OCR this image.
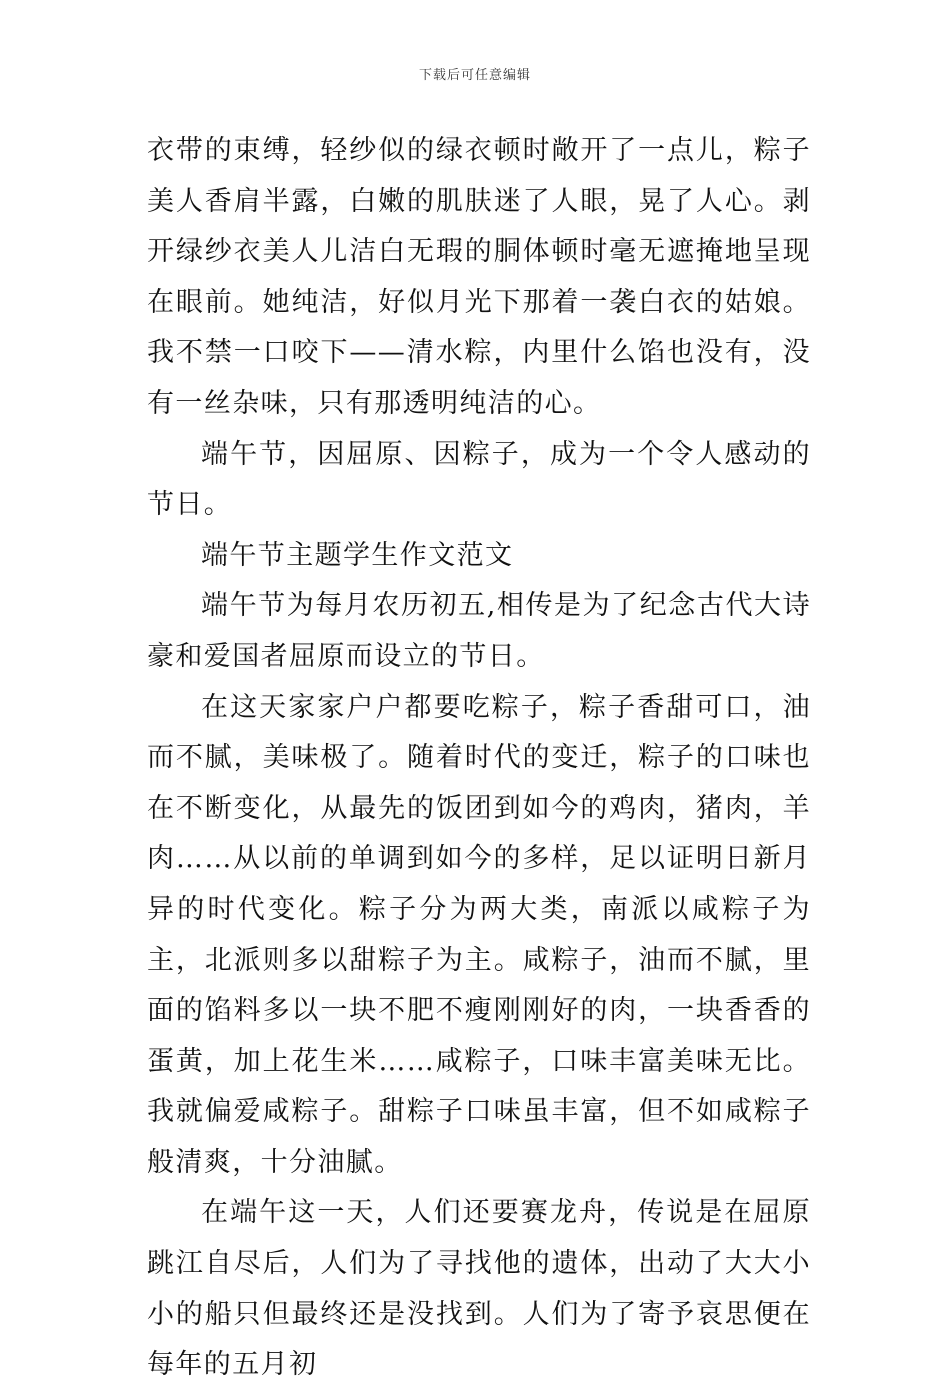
下载后可任意编辑

衣带的束缚，轻纱似的绿衣顿时敞开了一点儿，粽子美人香肩半露，白嫩的肌肤迷了人眼，晃了人心。剥开绿纱衣美人儿洁白无瑕的胴体顿时毫无遮掩地呈现在眼前。她纯洁，好似月光下那着一袭白衣的姑娘。我不禁一口咬下——清水粽，内里什么馅也没有，没有一丝杂味，只有那透明纯洁的心。

端午节，因屈原、因粽子，成为一个令人感动的节日。

端午节主题学生作文范文

端午节为每月农历初五,相传是为了纪念古代大诗豪和爱国者屈原而设立的节日。

在这天家家户户都要吃粽子，粽子香甜可口，油而不腻，美味极了。随着时代的变迁，粽子的口味也在不断变化，从最先的饭团到如今的鸡肉，猪肉，羊肉……从以前的单调到如今的多样，足以证明日新月异的时代变化。粽子分为两大类，南派以咸粽子为主，北派则多以甜粽子为主。咸粽子，油而不腻，里面的馅料多以一块不肥不瘦刚刚好的肉，一块香香的蛋黄，加上花生米……咸粽子，口味丰富美味无比。我就偏爱咸粽子。甜粽子口味虽丰富，但不如咸粽子般清爽，十分油腻。

在端午这一天，人们还要赛龙舟，传说是在屈原跳江自尽后，人们为了寻找他的遗体，出动了大大小小的船只但最终还是没找到。人们为了寄予哀思便在每年的五月初
